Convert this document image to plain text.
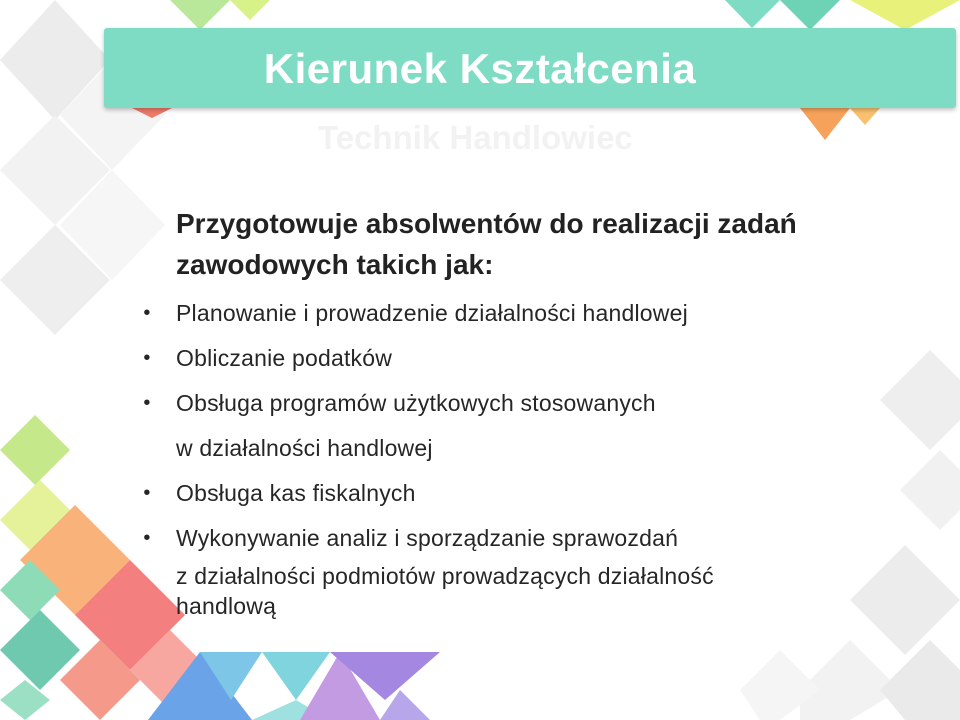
Kierunek Kształcenia
Technik Handlowiec

Przygotowuje absolwentów do realizacji zadań zawodowych takich jak:

• Planowanie i prowadzenie działalności handlowej
• Obliczanie podatków
• Obsługa programów użytkowych stosowanych
w działalności handlowej
• Obsługa kas fiskalnych
• Wykonywanie analiz i sporządzanie sprawozdań
z działalności podmiotów prowadzących działalność
handlową
